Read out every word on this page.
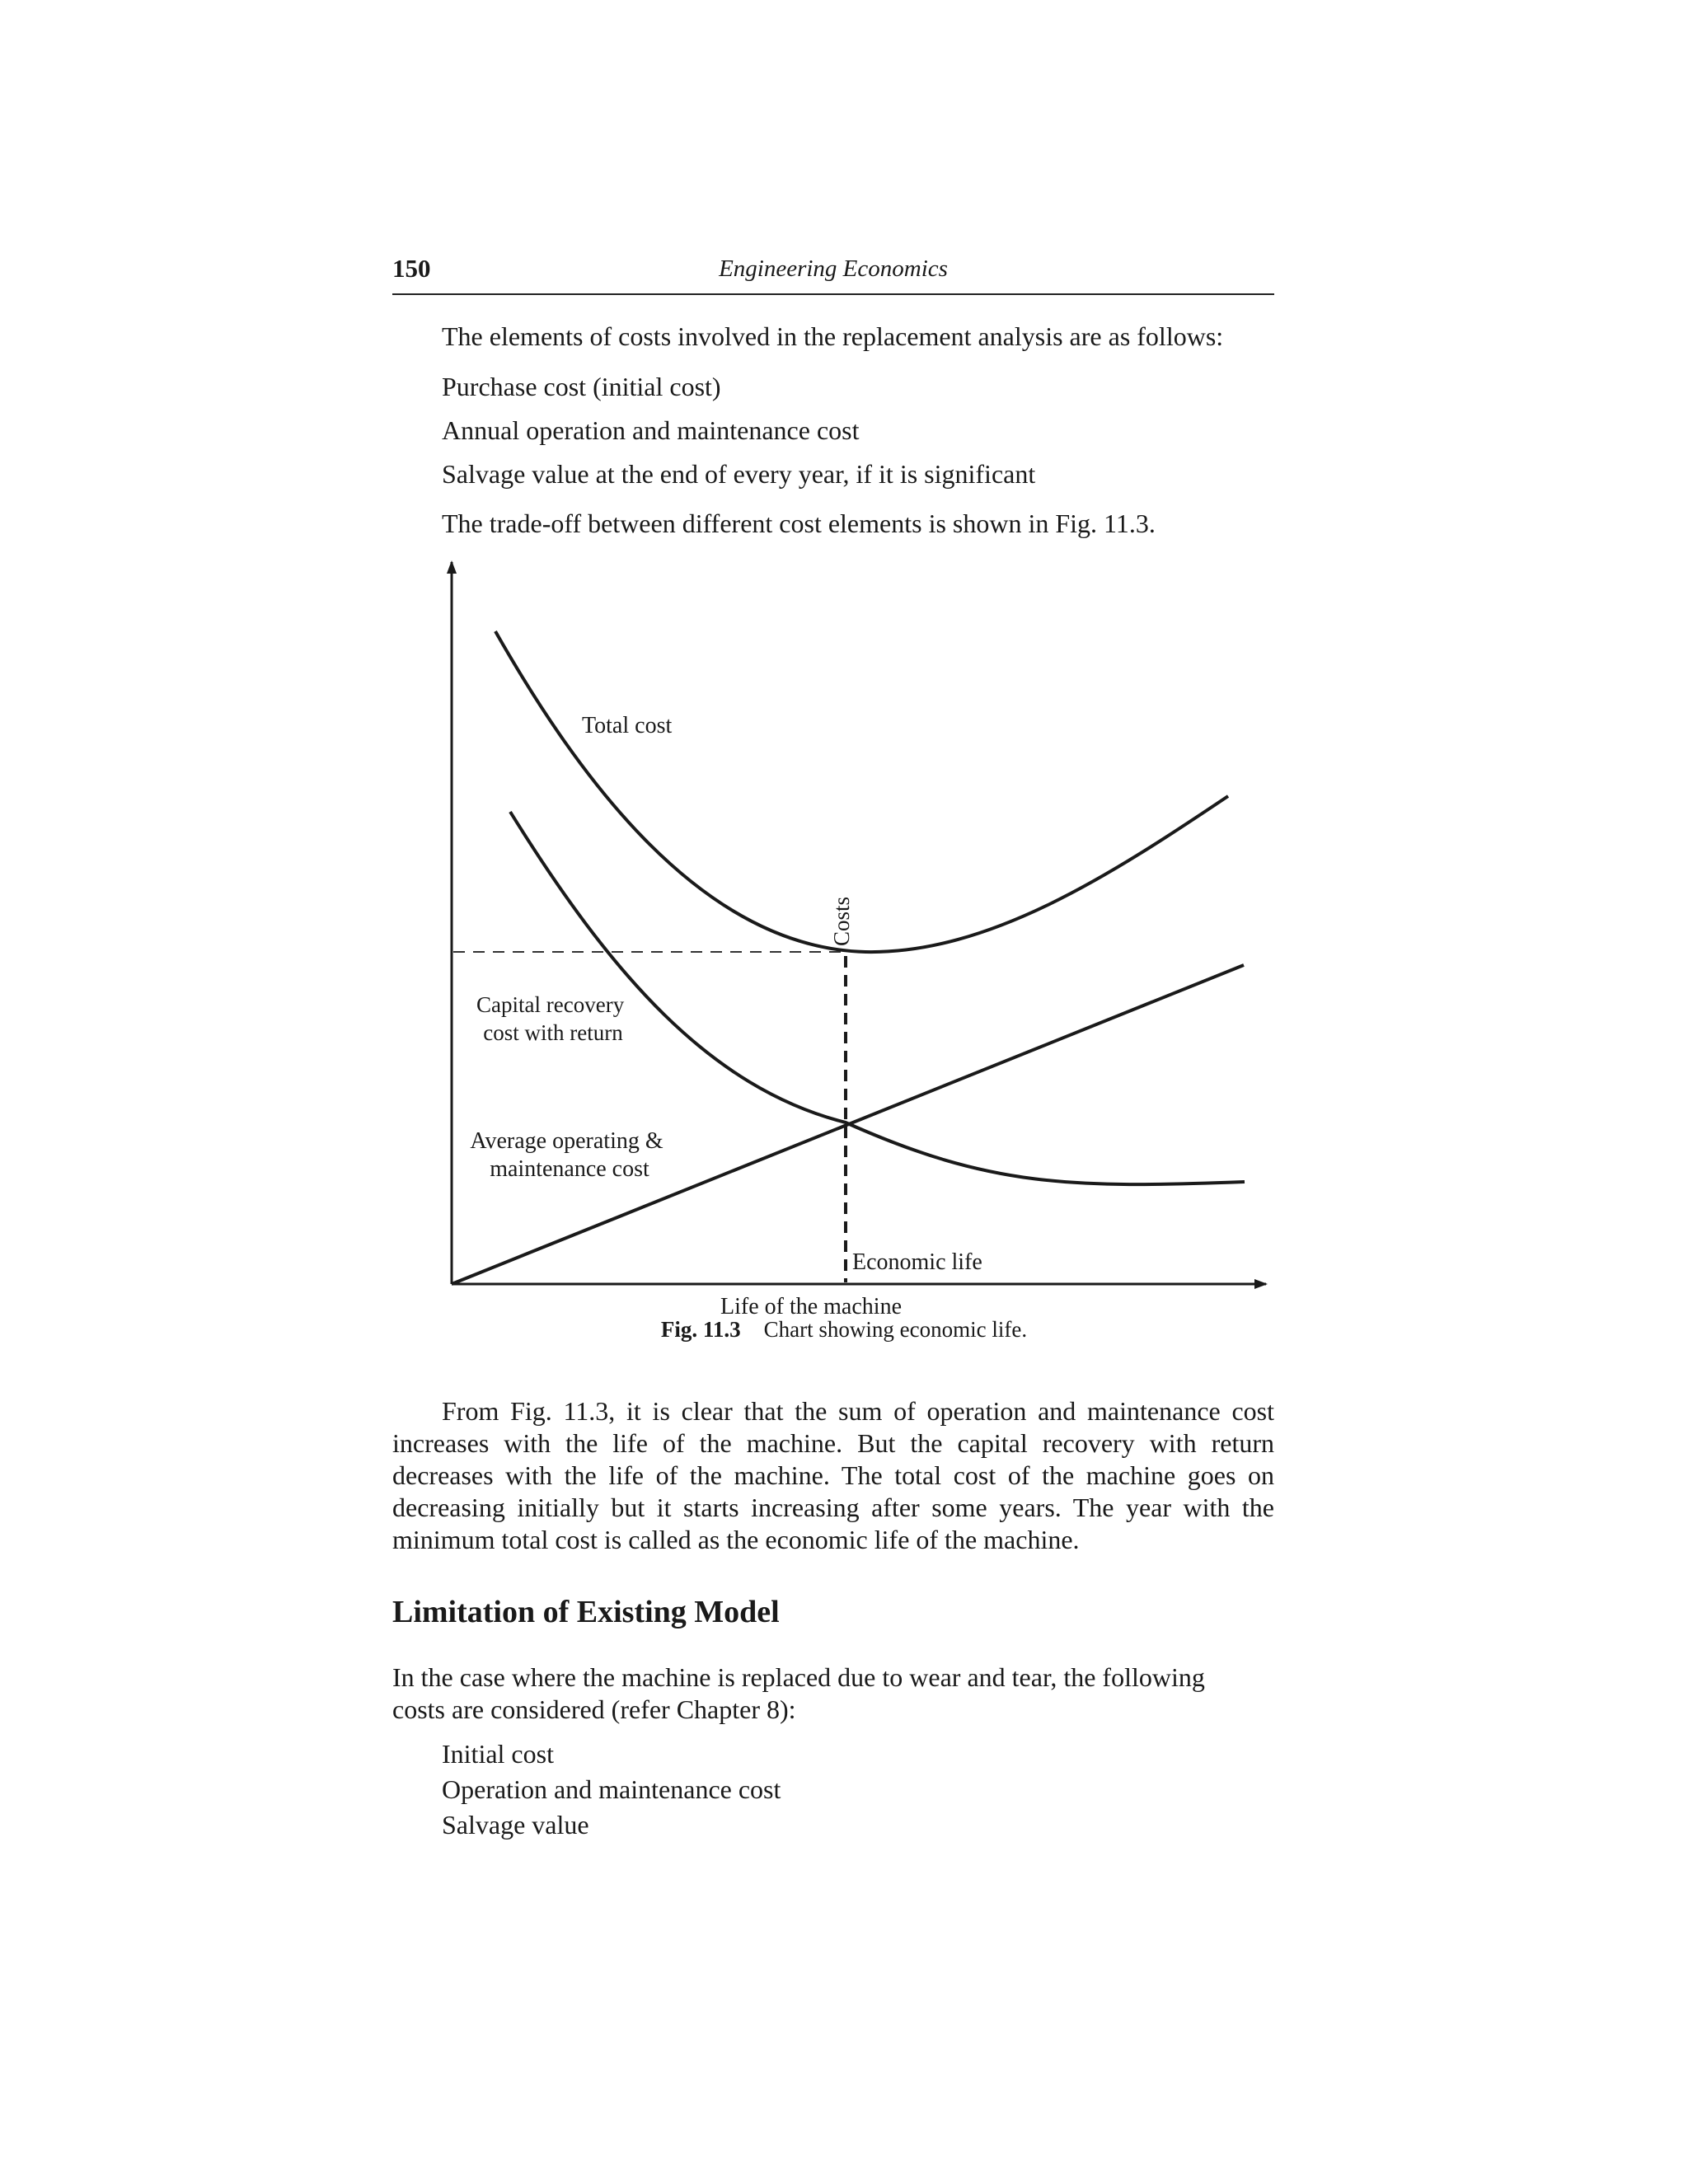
150	Engineering Economics
The elements of costs involved in the replacement analysis are as follows:
Purchase cost (initial cost)
Annual operation and maintenance cost
Salvage value at the end of every year, if it is significant
The trade-off between different cost elements is shown in Fig. 11.3.
Total cost
Costs
Capital recovery cost with return
Average operating & maintenance cost
Economic life
Life of the machine
Fig. 11.3 Chart showing economic life.
From Fig. 11.3, it is clear that the sum of operation and maintenance cost increases with the life of the machine. But the capital recovery with return decreases with the life of the machine. The total cost of the machine goes on decreasing initially but it starts increasing after some years. The year with the minimum total cost is called as the economic life of the machine.
Limitation of Existing Model
In the case where the machine is replaced due to wear and tear, the following
costs are considered (refer Chapter 8):
Initial cost
Operation and maintenance cost
Salvage value
